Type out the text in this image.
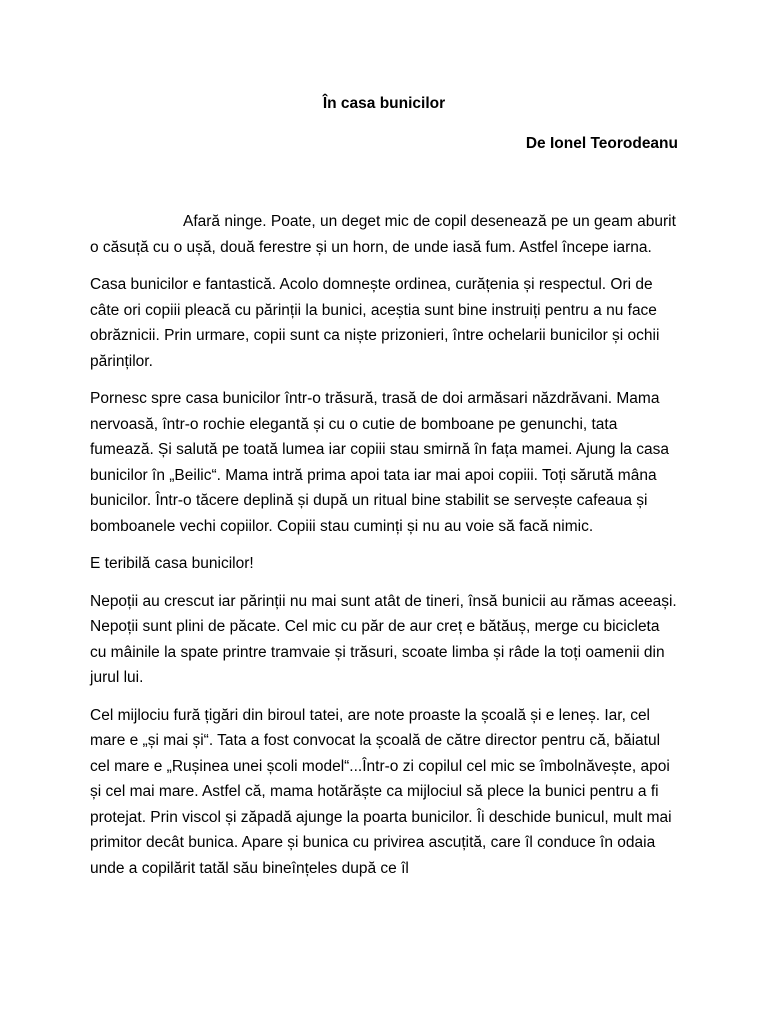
În casa bunicilor
De Ionel Teorodeanu

Afară ninge. Poate, un deget mic de copil desenează pe un geam aburit o căsuță cu o ușă, două ferestre și un horn, de unde iasă fum. Astfel începe iarna.

Casa bunicilor e fantastică. Acolo domnește ordinea, curățenia și respectul. Ori de câte ori copiii pleacă cu părinții la bunici, aceștia sunt bine instruiți pentru a nu face obrăznicii. Prin urmare, copii sunt ca niște prizonieri, între ochelarii bunicilor și ochii părinților.

Pornesc spre casa bunicilor într-o trăsură, trasă de doi armăsari năzdrăvani. Mama nervoasă, într-o rochie elegantă și cu o cutie de bomboane pe genunchi, tata fumează. Și salută pe toată lumea iar copiii stau smirnă în fața mamei. Ajung la casa bunicilor în „Beilic“. Mama intră prima apoi tata iar mai apoi copiii. Toți sărută mâna bunicilor. Într-o tăcere deplină și după un ritual bine stabilit se servește cafeaua și bomboanele vechi copiilor. Copiii stau cuminți și nu au voie să facă nimic.

E teribilă casa bunicilor!

Nepoții au crescut iar părinții nu mai sunt atât de tineri, însă bunicii au rămas aceeași. Nepoții sunt plini de păcate. Cel mic cu păr de aur creț e bătăuș, merge cu bicicleta cu mâinile la spate printre tramvaie și trăsuri, scoate limba și râde la toți oamenii din jurul lui.

Cel mijlociu fură țigări din biroul tatei, are note proaste la școală și e leneș. Iar, cel mare e „și mai și“. Tata a fost convocat la școală de către director pentru că, băiatul cel mare e „Rușinea unei școli model“...Într-o zi copilul cel mic se îmbolnăvește, apoi și cel mai mare. Astfel că, mama hotărăște ca mijlociul să plece la bunici pentru a fi protejat. Prin viscol și zăpadă ajunge la poarta bunicilor. Îi deschide bunicul, mult mai primitor decât bunica. Apare și bunica cu privirea ascuțită, care îl conduce în odaia unde a copilărit tatăl său bineînțeles după ce îl
